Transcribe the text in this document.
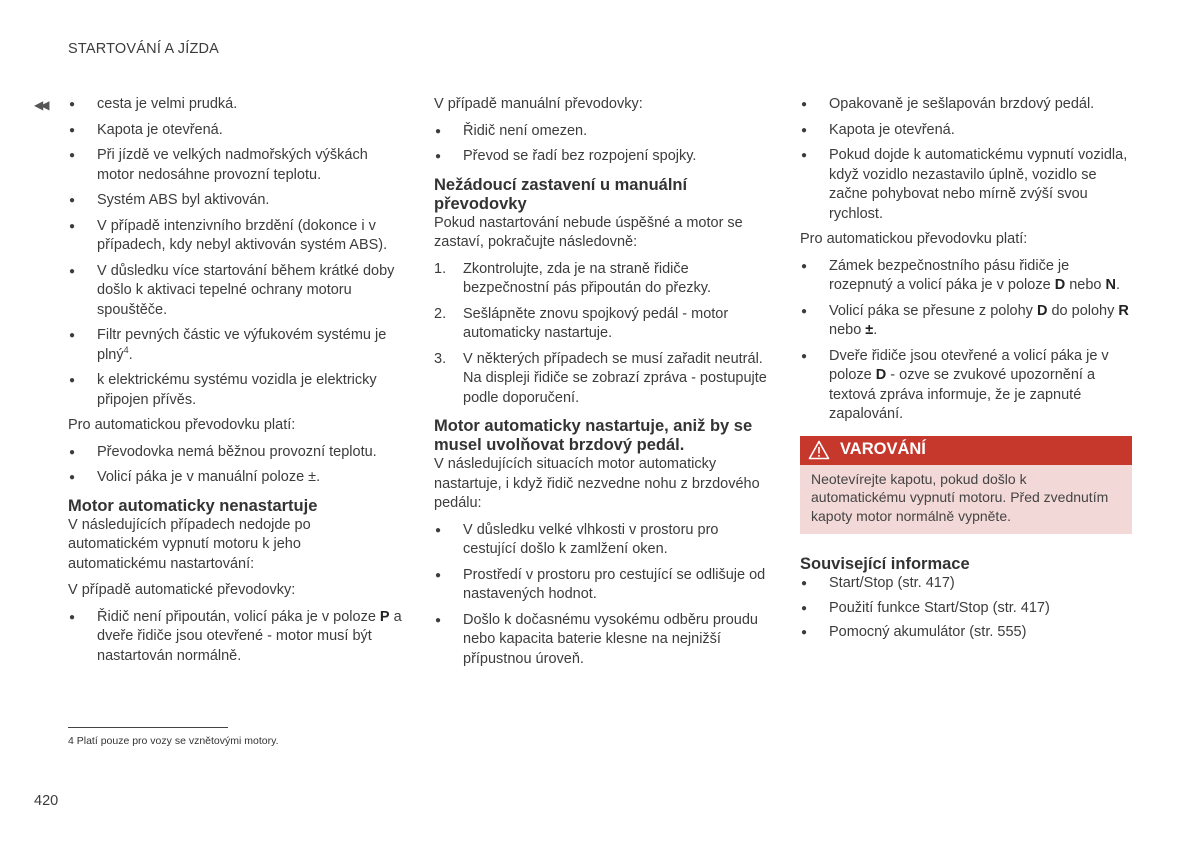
STARTOVÁNÍ A JÍZDA
◀◀
●	cesta je velmi prudká.
● Kapota je otevřená.
● Při jízdě ve velkých nadmořských výškách motor nedosáhne provozní teplotu.
● Systém ABS byl aktivován.
● V případě intenzivního brzdění (dokonce i v případech, kdy nebyl aktivován systém ABS).
● V důsledku více startování během krátké doby došlo k aktivaci tepelné ochrany motoru spouštěče.
● Filtr pevných částic ve výfukovém systému je plný$^4$.
● k elektrickému systému vozidla je elektricky připojen přívěs.

Pro automatickou převodovku platí:

● Převodovka nemá běžnou provozní teplotu.
● Volicí páka je v manuální poloze ±.
Motor automaticky nenastartuje

V následujících případech nedojde po automatickém vypnutí motoru k jeho automatickému nastartování:

V případě automatické převodovky:

● Řidič není připoután, volicí páka je v poloze P a dveře řidiče jsou otevřené - motor musí být nastartován normálně.

V případě manuální převodovky:

● Řidič není omezen.
● Převod se řadí bez rozpojení spojky.
Nežádoucí zastavení u manuální převodovky

Pokud nastartování nebude úspěšné a motor se zastaví, pokračujte následovně:

1. Zkontrolujte, zda je na straně řidiče bezpečnostní pás připoután do přezky.
2. Sešlápněte znovu spojkový pedál - motor automaticky nastartuje.
3. V některých případech se musí zařadit neutrál. Na displeji řidiče se zobrazí zpráva - postupujte podle doporučení.
Motor automaticky nastartuje, aniž by se musel uvolňovat brzdový pedál.

V následujících situacích motor automaticky nastartuje, i když řidič nezvedne nohu z brzdového pedálu:

● V důsledku velké vlhkosti v prostoru pro cestující došlo k zamlžení oken.
● Prostředí v prostoru pro cestující se odlišuje od nastavených hodnot.
● Došlo k dočasnému vysokému odběru proudu nebo kapacita baterie klesne na nejnižší přípustnou úroveň.
● Opakovaně je sešlapován brzdový pedál.
● Kapota je otevřená.
● Pokud dojde k automatickému vypnutí vozidla, když vozidlo nezastavilo úplně, vozidlo se začne pohybovat nebo mírně zvýší svou rychlost.

Pro automatickou převodovku platí:

● Zámek bezpečnostního pásu řidiče je rozepnutý a volicí páka je v poloze D nebo N.
● Volicí páka se přesune z polohy D do polohy R nebo ±.
● Dveře řidiče jsou otevřené a volicí páka je v poloze D - ozve se zvukové upozornění a textová zpráva informuje, že je zapnuté zapalování.
VAROVÁNÍ
Neotevírejte kapotu, pokud došlo k automatickému vypnutí motoru. Před zvednutím kapoty motor normálně vypněte.
Související informace
● Start/Stop (str. 417)
● Použití funkce Start/Stop (str. 417)
● Pomocný akumulátor (str. 555)
4 Platí pouze pro vozy se vznětovými motory.
420
